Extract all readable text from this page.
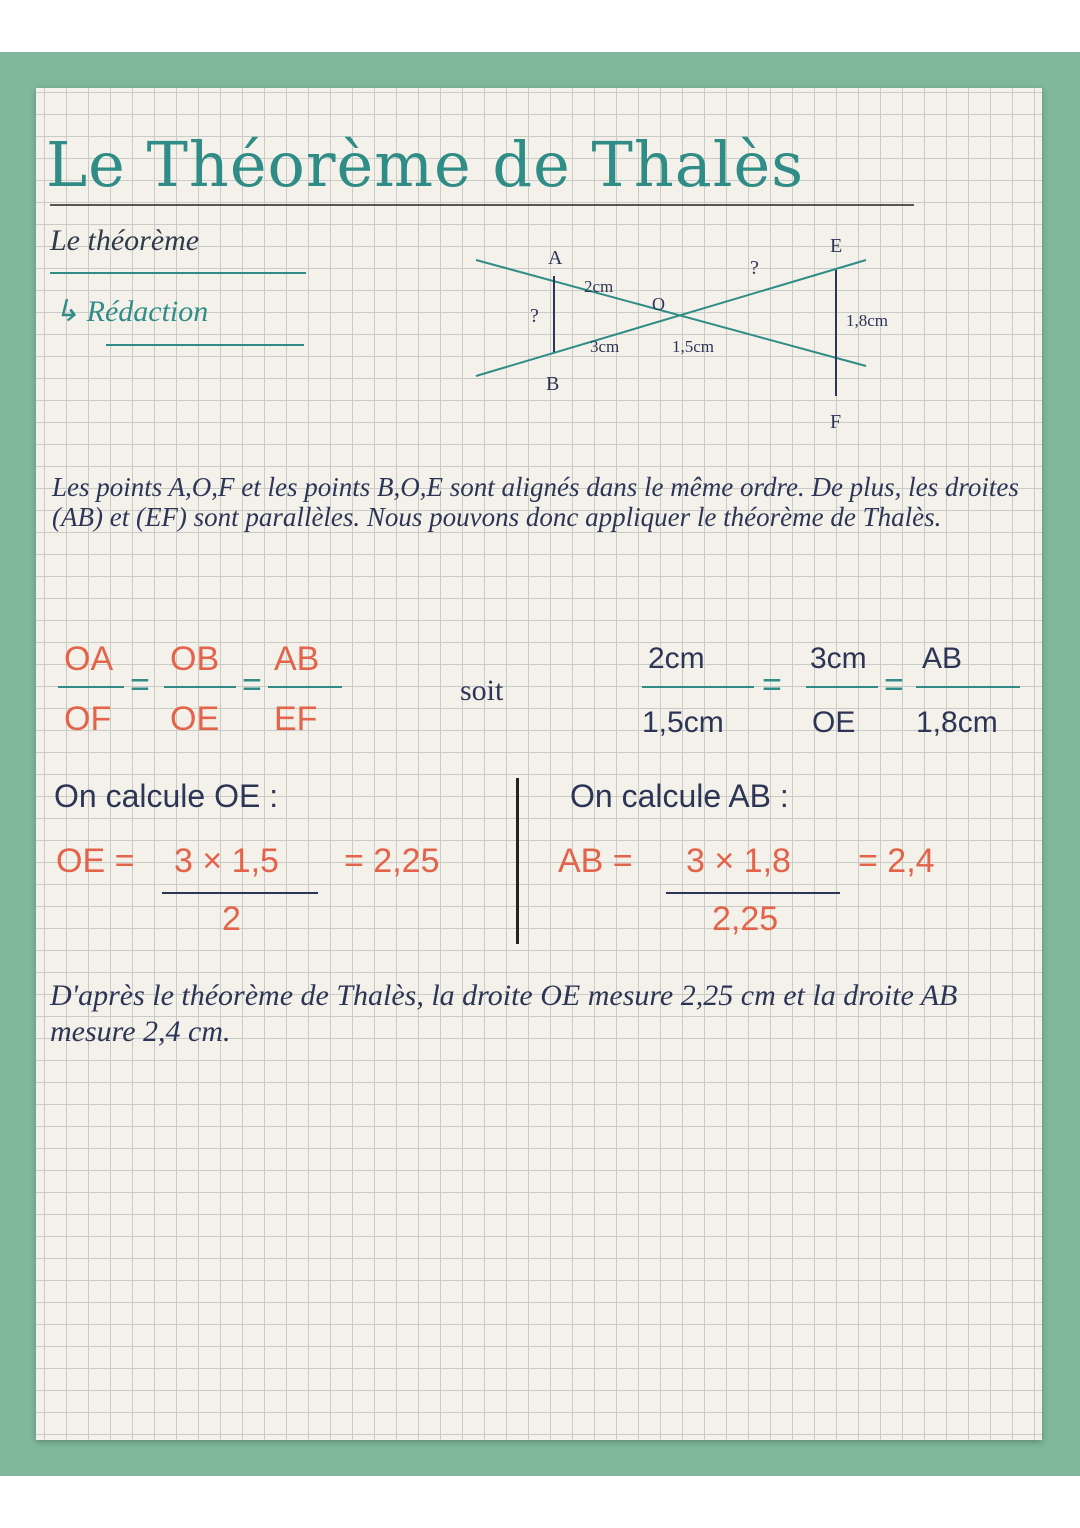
Le Théorème de Thalès
Le théorème
↳ Rédaction
A
B
O
E
F
2cm
3cm	1,5cm
1,8cm
?
?
Les points A,O,F et les points B,O,E sont alignés dans le même ordre. De plus, les droites (AB) et (EF) sont parallèles. Nous pouvons donc appliquer le théorème de Thalès.
OA
=
OB
=
AB
OF OE EF
soit
2cm
=
3cm
=
AB
1,5cm	OE 1,8cm
On calcule OE :
OE = 3 × 1,5
2
= 2,25
On calcule AB :
AB = 3 × 1,8
2,25
= 2,4
D'après le théorème de Thalès, la droite OE mesure 2,25 cm et la droite AB mesure 2,4 cm.
